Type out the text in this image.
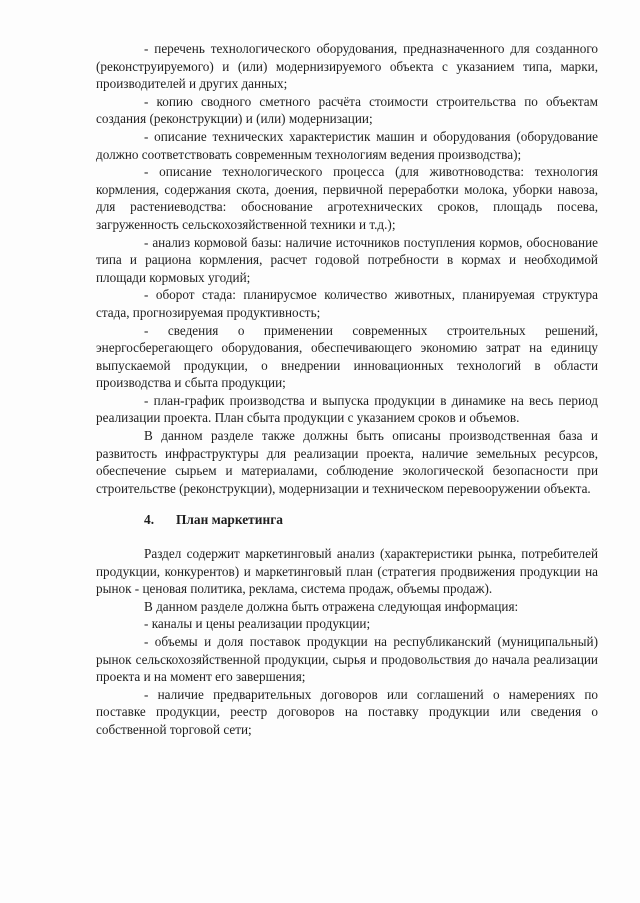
- перечень технологического оборудования, предназначенного для созданного (реконструируемого) и (или) модернизируемого объекта с указанием типа, марки, производителей и других данных;

- копию сводного сметного расчёта стоимости строительства по объектам создания (реконструкции) и (или) модернизации;

- описание технических характеристик машин и оборудования (оборудование должно соответствовать современным технологиям ведения производства);

- описание технологического процесса (для животноводства: технология кормления, содержания скота, доения, первичной переработки молока, уборки навоза, для растениеводства: обоснование агротехнических сроков, площадь посева, загруженность сельскохозяйственной техники и т.д.);

- анализ кормовой базы: наличие источников поступления кормов, обоснование типа и рациона кормления, расчет годовой потребности в кормах и необходимой площади кормовых угодий;

- оборот стада: планирусмое количество животных, планируемая структура стада, прогнозируемая продуктивность;

- сведения о применении современных строительных решений, энергосберегающего оборудования, обеспечивающего экономию затрат на единицу выпускаемой продукции, о внедрении инновационных технологий в области производства и сбыта продукции;

- план-график производства и выпуска продукции в динамике на весь период реализации проекта. План сбыта продукции с указанием сроков и объемов.

В данном разделе также должны быть описаны производственная база и развитость инфраструктуры для реализации проекта, наличие земельных ресурсов, обеспечение сырьем и материалами, соблюдение экологической безопасности при строительстве (реконструкции), модернизации и техническом перевооружении объекта.

4. План маркетинга

Раздел содержит маркетинговый анализ (характеристики рынка, потребителей продукции, конкурентов) и маркетинговый план (стратегия продвижения продукции на рынок - ценовая политика, реклама, система продаж, объемы продаж).

В данном разделе должна быть отражена следующая информация:

- каналы и цены реализации продукции;

- объемы и доля поставок продукции на республиканский (муниципальный) рынок сельскохозяйственной продукции, сырья и продовольствия до начала реализации проекта и на момент его завершения;

- наличие предварительных договоров или соглашений о намерениях по поставке продукции, реестр договоров на поставку продукции или сведения о собственной торговой сети;
